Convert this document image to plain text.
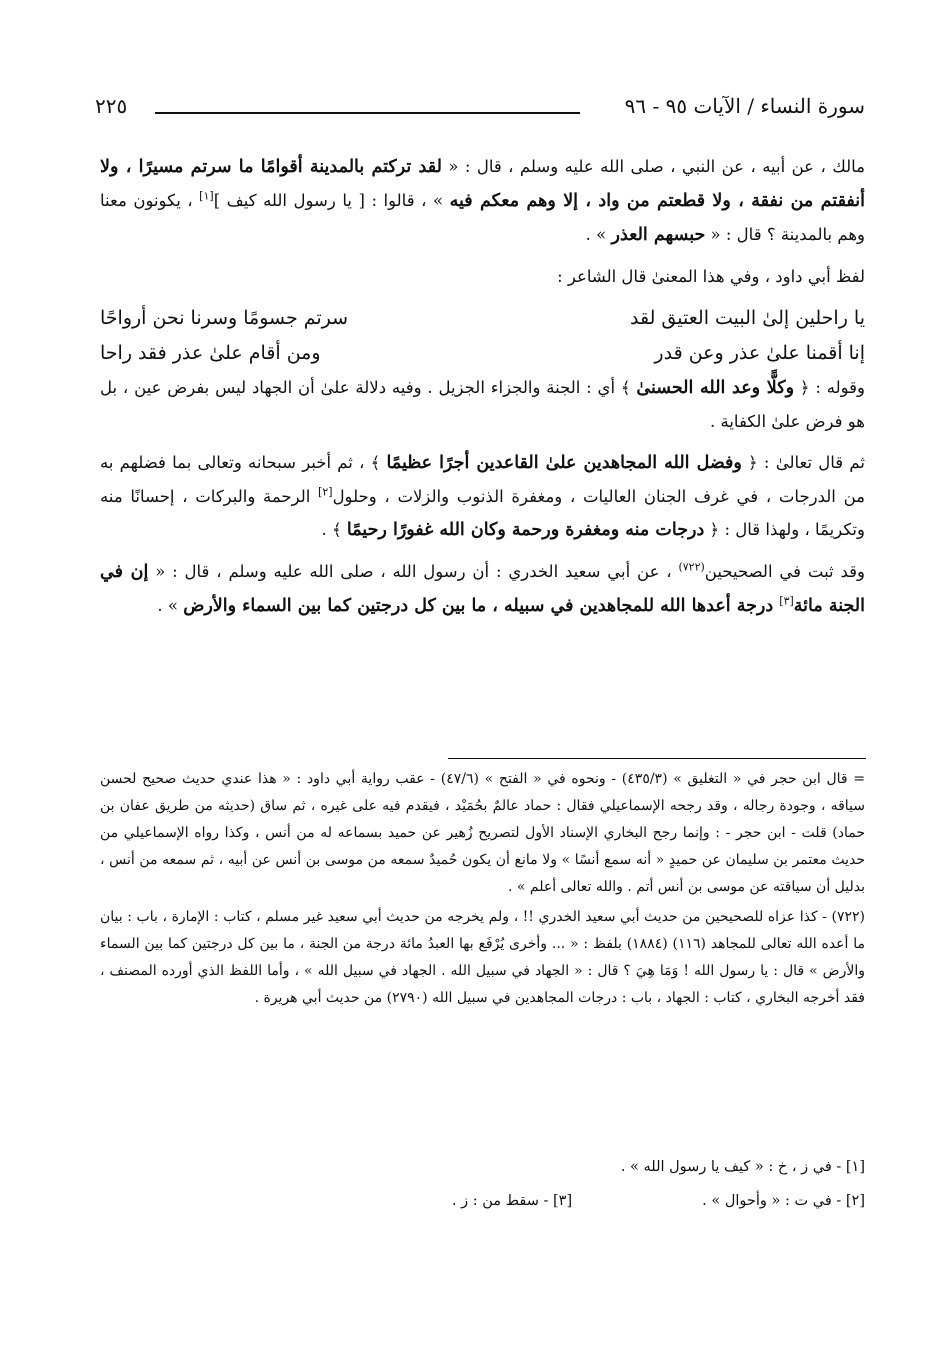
سورة النساء / الآيات ٩٥ - ٩٦
٢٢٥

مالك ، عن أبيه ، عن النبي ، صلى الله عليه وسلم ، قال : « لقد تركتم بالمدينة أقوامًا ما سرتم مسيرًا ، ولا أنفقتم من نفقة ، ولا قطعتم من واد ، إلا وهم معكم فيه » ، قالوا : [ يا رسول الله كيف ][١] ، يكونون معنا وهم بالمدينة ؟ قال : « حبسهم العذر » .

لفظ أبي داود ، وفي هذا المعنىٰ قال الشاعر :

يا راحلين إلىٰ البيت العتيق لقد
سرتم جسومًا وسرنا نحن أرواحًا
إنا أقمنا علىٰ عذر وعن قدر
ومن أقام علىٰ عذر فقد راحا

وقوله : ﴿ وكلًّا وعد الله الحسنىٰ ﴾ أي : الجنة والجزاء الجزيل . وفيه دلالة علىٰ أن الجهاد ليس بفرض عين ، بل هو فرض علىٰ الكفاية .

ثم قال تعالىٰ : ﴿ وفضل الله المجاهدين علىٰ القاعدين أجرًا عظيمًا ﴾ ، ثم أخبر سبحانه وتعالى بما فضلهم به من الدرجات ، في غرف الجنان العاليات ، ومغفرة الذنوب والزلات ، وحلول[٢] الرحمة والبركات ، إحسانًا منه وتكريمًا ، ولهذا قال : ﴿ درجات منه ومغفرة ورحمة وكان الله غفورًا رحيمًا ﴾ .

وقد ثبت في الصحيحين$^{(٧٢٢)}$ ، عن أبي سعيد الخدري : أن رسول الله ، صلى الله عليه وسلم ، قال : « إن في الجنة مائة[٣] درجة أعدها الله للمجاهدين في سبيله ، ما بين كل درجتين كما بين السماء والأرض » .

= قال ابن حجر في « التغليق » (٤٣٥/٣) - ونحوه في « الفتح » (٤٧/٦) - عقب رواية أبي داود : « هذا عندي حديث صحيح لحسن سياقه ، وجودة رجاله ، وقد رجحه الإسماعيلي فقال : حماد عالمٌ بحُمَيْد ، فيقدم فيه على غيره ، ثم ساق (حديثه من طريق عفان بن حماد) قلت - ابن حجر - : وإنما رجح البخاري الإسناد الأول لتصريح زُهير عن حميد بسماعه له من أنس ، وكذا رواه الإسماعيلي من حديث معتمر بن سليمان عن حميدٍ « أنه سمع أنسًا » ولا مانع أن يكون حُميدٌ سمعه من موسى بن أنس عن أبيه ، ثم سمعه من أنس ، بدليل أن سياقته عن موسى بن أنس أتم . والله تعالى أعلم » .

(٧٢٢) - كذا عزاه للصحيحين من حديث أبي سعيد الخدري !! ، ولم يخرجه من حديث أبي سعيد غير مسلم ، كتاب : الإمارة ، باب : بيان ما أعده الله تعالى للمجاهد (١١٦) (١٨٨٤) بلفظ : « ... وأخرى يُرْفَع بها العبدُ مائة درجة من الجنة ، ما بين كل درجتين كما بين السماء والأرض » قال : يا رسول الله ! وَمَا هِيَ ؟ قال : « الجهاد في سبيل الله . الجهاد في سبيل الله » ، وأما اللفظ الذي أورده المصنف ، فقد أخرجه البخاري ، كتاب : الجهاد ، باب : درجات المجاهدين في سبيل الله (٢٧٩٠) من حديث أبي هريرة .

[١] - في ز ، خ : « كيف يا رسول الله » .
[٢] - في ت : « وأحوال » .
[٣] - سقط من : ز .
